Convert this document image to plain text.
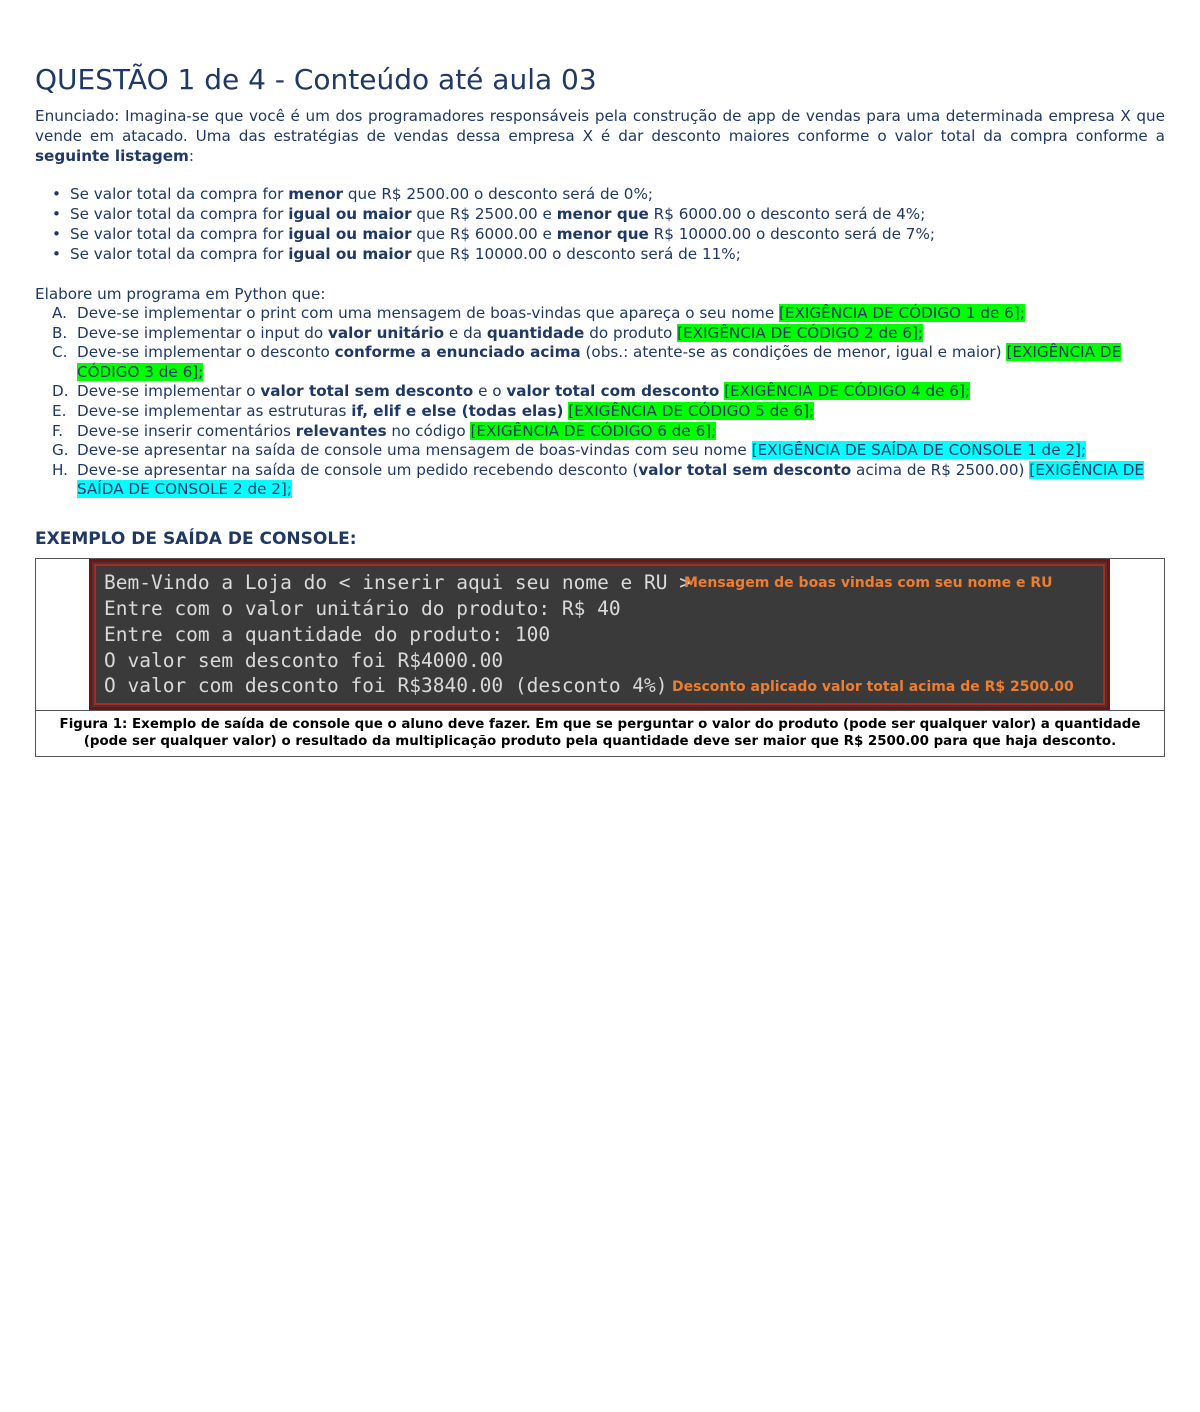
QUESTÃO 1 de 4 - Conteúdo até aula 03

Enunciado: Imagina-se que você é um dos programadores responsáveis pela construção de app de vendas para uma determinada empresa X que vende em atacado. Uma das estratégias de vendas dessa empresa X é dar desconto maiores conforme o valor total da compra conforme a seguinte listagem:

• Se valor total da compra for menor que R$ 2500.00 o desconto será de 0%;
• Se valor total da compra for igual ou maior que R$ 2500.00 e menor que R$ 6000.00 o desconto será de 4%;
• Se valor total da compra for igual ou maior que R$ 6000.00 e menor que R$ 10000.00 o desconto será de 7%;
• Se valor total da compra for igual ou maior que R$ 10000.00 o desconto será de 11%;

Elabore um programa em Python que:

A. Deve-se implementar o print com uma mensagem de boas-vindas que apareça o seu nome [EXIGÊNCIA DE CÓDIGO 1 de 6];
B. Deve-se implementar o input do valor unitário e da quantidade do produto [EXIGÊNCIA DE CÓDIGO 2 de 6];
C. Deve-se implementar o desconto conforme a enunciado acima (obs.: atente-se as condições de menor, igual e maior) [EXIGÊNCIA DE CÓDIGO 3 de 6];
D. Deve-se implementar o valor total sem desconto e o valor total com desconto [EXIGÊNCIA DE CÓDIGO 4 de 6];
E. Deve-se implementar as estruturas if, elif e else (todas elas) [EXIGÊNCIA DE CÓDIGO 5 de 6];
F. Deve-se inserir comentários relevantes no código [EXIGÊNCIA DE CÓDIGO 6 de 6];
G. Deve-se apresentar na saída de console uma mensagem de boas-vindas com seu nome [EXIGÊNCIA DE SAÍDA DE CONSOLE 1 de 2];
H. Deve-se apresentar na saída de console um pedido recebendo desconto (valor total sem desconto acima de R$ 2500.00) [EXIGÊNCIA DE SAÍDA DE CONSOLE 2 de 2];
EXEMPLO DE SAÍDA DE CONSOLE:
Bem-Vindo a Loja do < inserir aqui seu nome e RU >
Entre com o valor unitário do produto: R$ 40
Entre com a quantidade do produto: 100
O valor sem desconto foi R$4000.00
O valor com desconto foi R$3840.00 (desconto 4%)
Mensagem de boas vindas com seu nome e RU
Desconto aplicado valor total acima de R$ 2500.00
Figura 1: Exemplo de saída de console que o aluno deve fazer. Em que se perguntar o valor do produto (pode ser qualquer valor) a quantidade (pode ser qualquer valor) o resultado da multiplicação produto pela quantidade deve ser maior que R$ 2500.00 para que haja desconto.
